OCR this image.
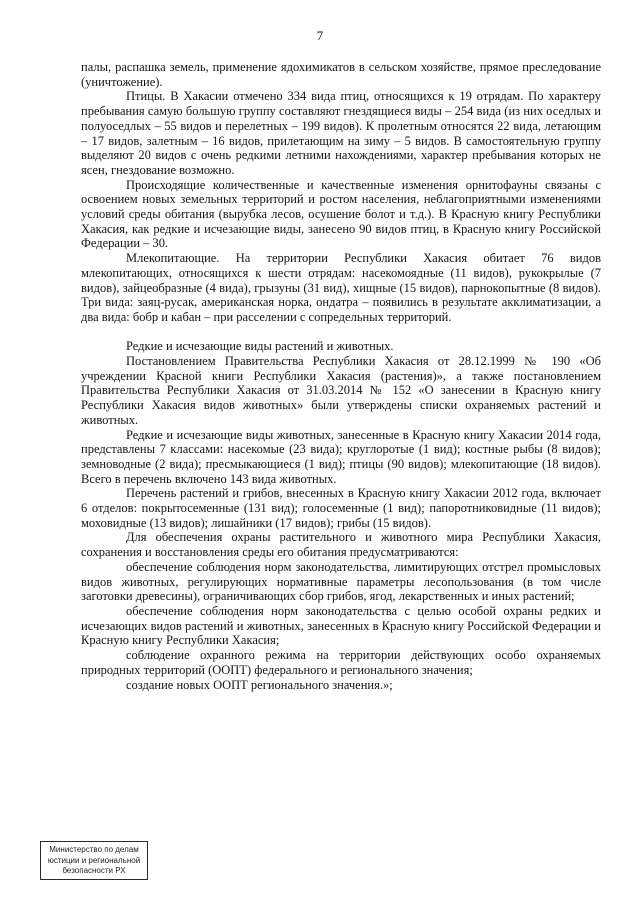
7

палы, распашка земель, применение ядохимикатов в сельском хозяйстве, прямое преследование (уничтожение).

Птицы. В Хакасии отмечено 334 вида птиц, относящихся к 19 отрядам. По характеру пребывания самую большую группу составляют гнездящиеся виды – 254 вида (из них оседлых и полуоседлых – 55 видов и перелетных – 199 видов). К пролетным относятся 22 вида, летающим – 17 видов, залетным – 16 видов, прилетающим на зиму – 5 видов. В самостоятельную группу выделяют 20 видов с очень редкими летними нахождениями, характер пребывания которых не ясен, гнездование возможно.

Происходящие количественные и качественные изменения орнитофауны связаны с освоением новых земельных территорий и ростом населения, неблагоприятными изменениями условий среды обитания (вырубка лесов, осушение болот и т.д.). В Красную книгу Республики Хакасия, как редкие и исчезающие виды, занесено 90 видов птиц, в Красную книгу Российской Федерации – 30.

Млекопитающие. На территории Республики Хакасия обитает 76 видов млекопитающих, относящихся к шести отрядам: насекомоядные (11 видов), рукокрылые (7 видов), зайцеобразные (4 вида), грызуны (31 вид), хищные (15 видов), парнокопытные (8 видов). Три вида: заяц-русак, американская норка, ондатра – появились в результате акклиматизации, а два вида: бобр и кабан – при расселении с сопредельных территорий.

Редкие и исчезающие виды растений и животных.

Постановлением Правительства Республики Хакасия от 28.12.1999 № 190 «Об учреждении Красной книги Республики Хакасия (растения)», а также постановлением Правительства Республики Хакасия от 31.03.2014 № 152 «О занесении в Красную книгу Республики Хакасия видов животных» были утверждены списки охраняемых растений и животных.

Редкие и исчезающие виды животных, занесенные в Красную книгу Хакасии 2014 года, представлены 7 классами: насекомые (23 вида); круглоротые (1 вид); костные рыбы (8 видов); земноводные (2 вида); пресмыкающиеся (1 вид); птицы (90 видов); млекопитающие (18 видов). Всего в перечень включено 143 вида животных.

Перечень растений и грибов, внесенных в Красную книгу Хакасии 2012 года, включает 6 отделов: покрытосеменные (131 вид); голосеменные (1 вид); папоротниковидные (11 видов); моховидные (13 видов); лишайники (17 видов); грибы (15 видов).

Для обеспечения охраны растительного и животного мира Республики Хакасия, сохранения и восстановления среды его обитания предусматриваются:

обеспечение соблюдения норм законодательства, лимитирующих отстрел промысловых видов животных, регулирующих нормативные параметры лесопользования (в том числе заготовки древесины), ограничивающих сбор грибов, ягод, лекарственных и иных растений;

обеспечение соблюдения норм законодательства с целью особой охраны редких и исчезающих видов растений и животных, занесенных в Красную книгу Российской Федерации и Красную книгу Республики Хакасия;

соблюдение охранного режима на территории действующих особо охраняемых природных территорий (ООПТ) федерального и регионального значения;

создание новых ООПТ регионального значения.»;

Министерство по делам
юстиции и региональной
безопасности РХ
